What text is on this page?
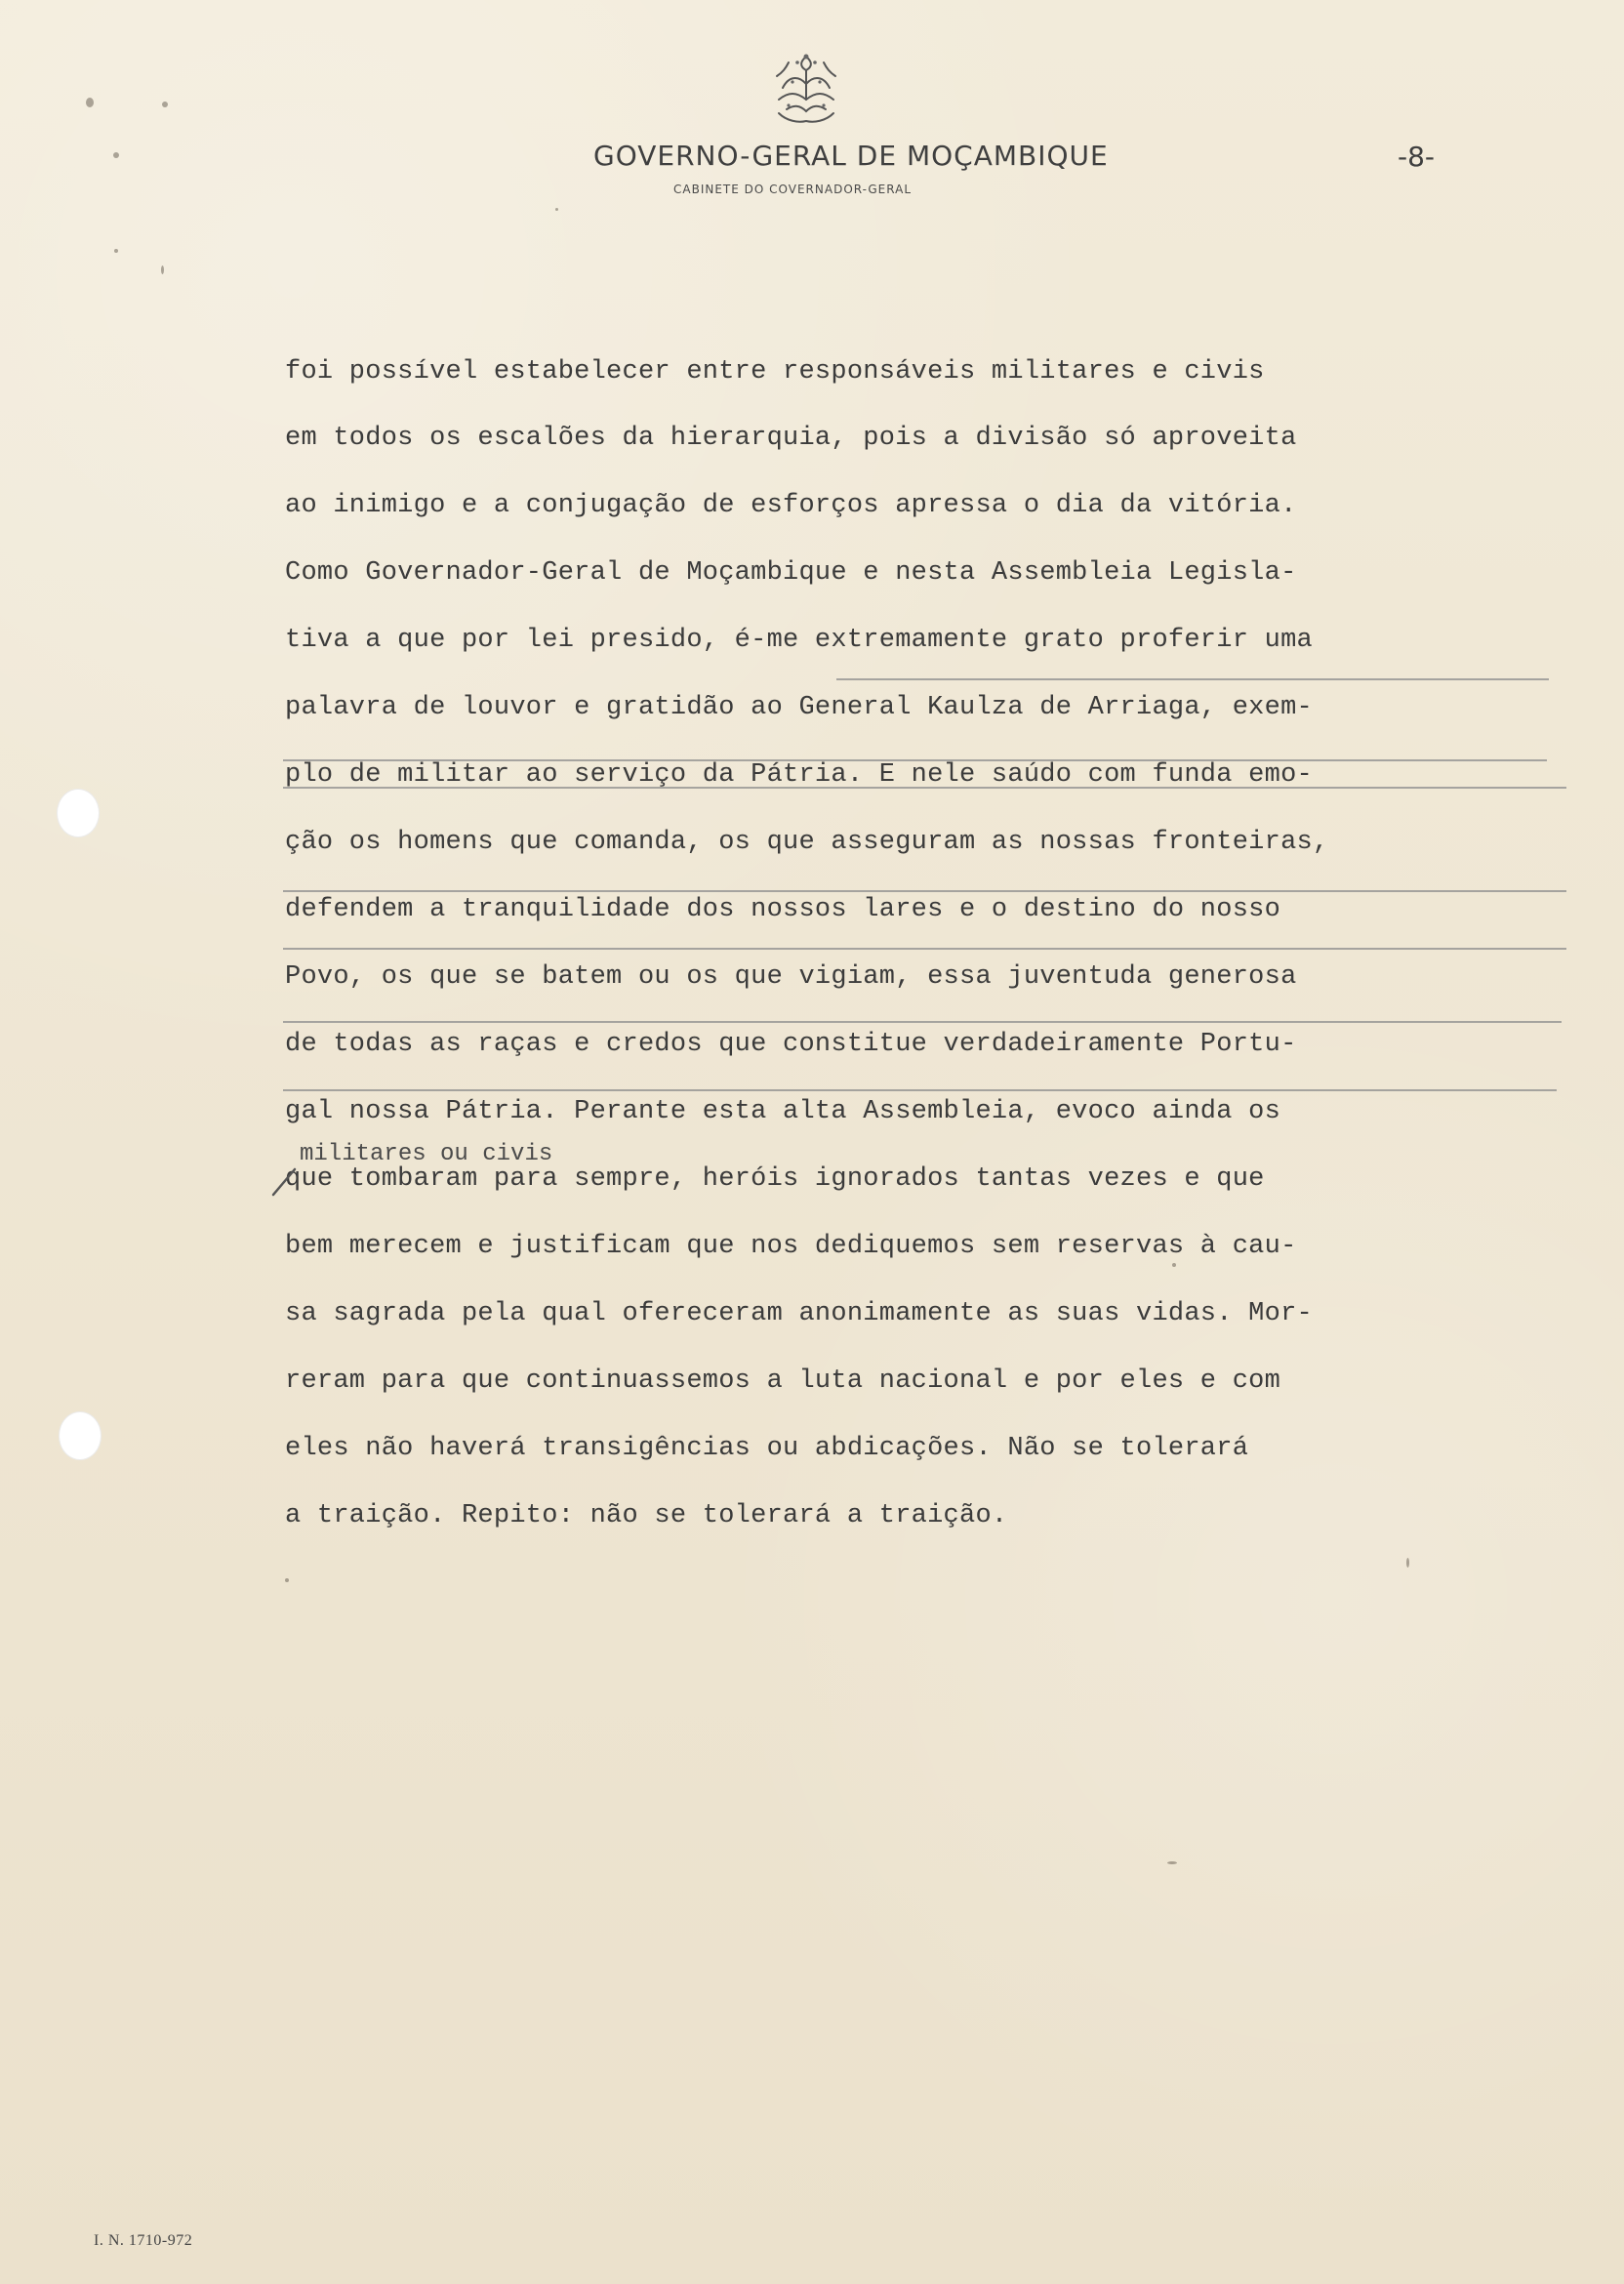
GOVERNO-GERAL DE MOÇAMBIQUE
CABINETE DO COVERNADOR-GERAL
-8-
foi possível estabelecer entre responsáveis militares e civis
em todos os escalões da hierarquia, pois a divisão só aproveita
ao inimigo e a conjugação de esforços apressa o dia da vitória.
Como Governador-Geral de Moçambique e nesta Assembleia Legisla-
tiva a que por lei presido, é-me extremamente grato proferir uma
palavra de louvor e gratidão ao General Kaulza de Arriaga, exem-
plo de militar ao serviço da Pátria. E nele saúdo com funda emo-
ção os homens que comanda, os que asseguram as nossas fronteiras,
defendem a tranquilidade dos nossos lares e o destino do nosso
Povo, os que se batem ou os que vigiam, essa juventuda generosa
de todas as raças e credos que constitue verdadeiramente Portu-
gal nossa Pátria. Perante esta alta Assembleia, evoco ainda os
que tombaram para sempre, heróis ignorados tantas vezes e que
bem merecem e justificam que nos dediquemos sem reservas à cau-
sa sagrada pela qual ofereceram anonimamente as suas vidas. Mor-
reram para que continuassemos a luta nacional e por eles e com
eles não haverá transigências ou abdicações. Não se tolerará
a traição. Repito: não se tolerará a traição.
militares ou civis
I. N. 1710-972
